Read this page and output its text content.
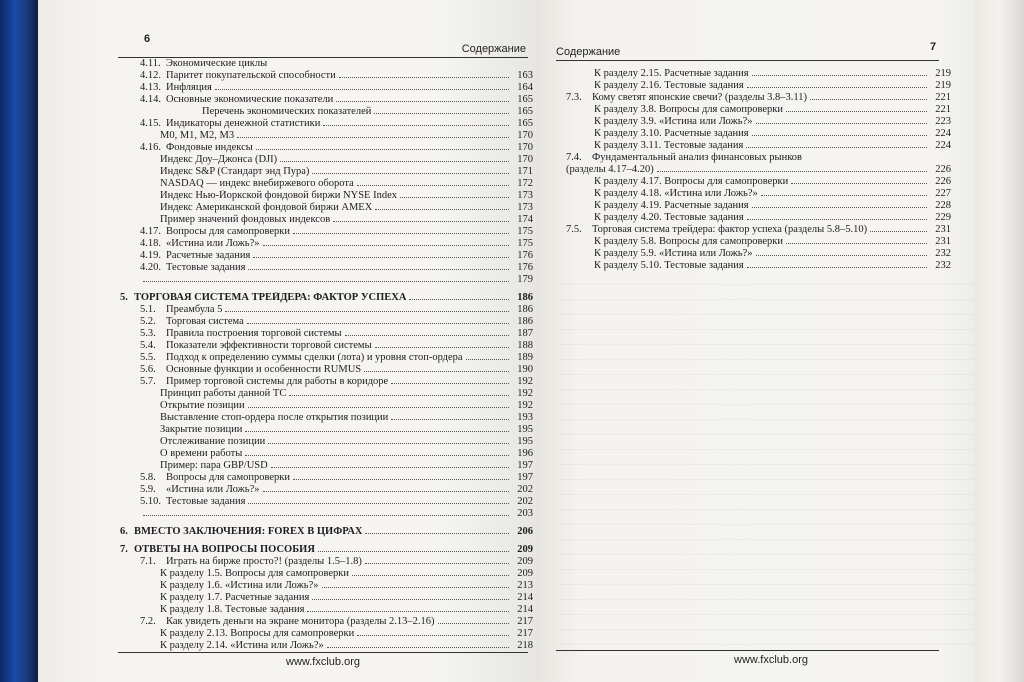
6
Содержание
4.11. Экономические циклы
4.12. Паритет покупательской способности	163
4.13. Инфляция	164
4.14. Основные экономические показатели	165
Перечень экономических показателей	165
4.15. Индикаторы денежной статистики	165
М0, М1, М2, М3	170
4.16. Фондовые индексы	170
Индекс Доу–Джонса (DJI)	170
Индекс S&P (Стандарт энд Пура)	171
NASDAQ — индекс внебиржевого оборота	172
Индекс Нью-Йоркской фондовой биржи NYSE Index	173
Индекс Американской фондовой биржи AMEX	173
Пример значений фондовых индексов	174
4.17. Вопросы для самопроверки	175
4.18. «Истина или Ложь?»	175
4.19. Расчетные задания	176
4.20. Тестовые задания	176
179
5. ТОРГОВАЯ СИСТЕМА ТРЕЙДЕРА: ФАКТОР УСПЕХА	186
5.1. Преамбула 5	186
5.2. Торговая система	186
5.3. Правила построения торговой системы	187
5.4. Показатели эффективности торговой системы	188
5.5. Подход к определению суммы сделки (лота) и уровня стоп-ордера	189
5.6. Основные функции и особенности RUMUS	190
5.7. Пример торговой системы для работы в коридоре	192
Принцип работы данной ТС	192
Открытие позиции	192
Выставление стоп-ордера после открытия позиции	193
Закрытие позиции	195
Отслеживание позиции	195
О времени работы	196
Пример: пара GBP/USD	197
5.8. Вопросы для самопроверки	197
5.9. «Истина или Ложь?»	202
5.10. Тестовые задания	202
203
6. ВМЕСТО ЗАКЛЮЧЕНИЯ: FOREX В ЦИФРАХ	206
7. ОТВЕТЫ НА ВОПРОСЫ ПОСОБИЯ	209
7.1. Играть на бирже просто?! (разделы 1.5–1.8)	209
К разделу 1.5. Вопросы для самопроверки	209
К разделу 1.6. «Истина или Ложь?»	213
К разделу 1.7. Расчетные задания	214
К разделу 1.8. Тестовые задания	214
7.2. Как увидеть деньги на экране монитора (разделы 2.13–2.16)	217
К разделу 2.13. Вопросы для самопроверки	217
К разделу 2.14. «Истина или Ложь?»	218
www.fxclub.org
Содержание	7
К разделу 2.15. Расчетные задания	219
К разделу 2.16. Тестовые задания	219
7.3. Кому светят японские свечи? (разделы 3.8–3.11)	221
К разделу 3.8. Вопросы для самопроверки	221
К разделу 3.9. «Истина или Ложь?»	223
К разделу 3.10. Расчетные задания	224
К разделу 3.11. Тестовые задания	224
7.4. Фундаментальный анализ финансовых рынков
(разделы 4.17–4.20)	226
К разделу 4.17. Вопросы для самопроверки	226
К разделу 4.18. «Истина или Ложь?»	227
К разделу 4.19. Расчетные задания	228
К разделу 4.20. Тестовые задания	229
7.5. Торговая система трейдера: фактор успеха (разделы 5.8–5.10)	231
К разделу 5.8. Вопросы для самопроверки	231
К разделу 5.9. «Истина или Ложь?»	232
К разделу 5.10. Тестовые задания	232
www.fxclub.org
